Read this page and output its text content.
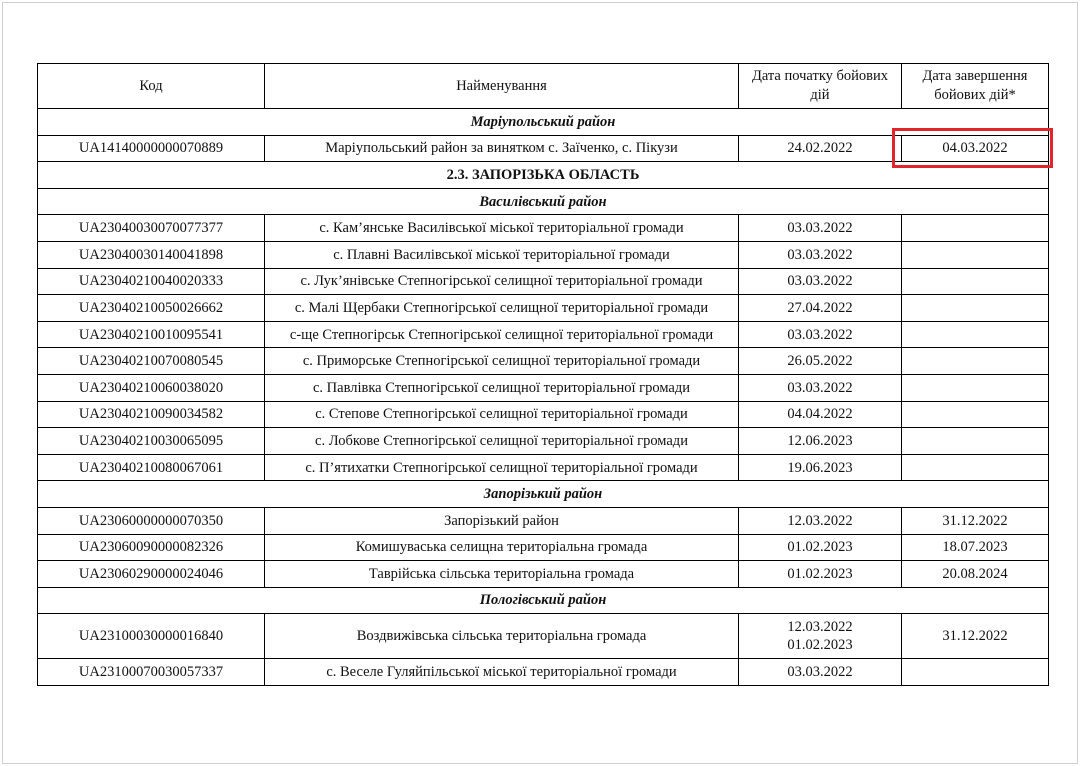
Код	Найменування	Дата початку бойових дій	Дата завершення бойових дій*
Маріупольський район
UA14140000000070889	Маріупольський район за винятком с. Заїченко, с. Пікузи	24.02.2022	04.03.2022
2.3. ЗАПОРІЗЬКА ОБЛАСТЬ
Василівський район
UA23040030070077377	с. Кам’янське Василівської міської територіальної громади	03.03.2022	
UA23040030140041898	с. Плавні Василівської міської територіальної громади	03.03.2022	
UA23040210040020333	с. Лук’янівське Степногірської селищної територіальної громади	03.03.2022	
UA23040210050026662	с. Малі Щербаки Степногірської селищної територіальної громади	27.04.2022	
UA23040210010095541	с-ще Степногірськ Степногірської селищної територіальної громади	03.03.2022	
UA23040210070080545	с. Приморське Степногірської селищної територіальної громади	26.05.2022	
UA23040210060038020	с. Павлівка Степногірської селищної територіальної громади	03.03.2022	
UA23040210090034582	с. Степове Степногірської селищної територіальної громади	04.04.2022	
UA23040210030065095	с. Лобкове Степногірської селищної територіальної громади	12.06.2023	
UA23040210080067061	с. П’ятихатки Степногірської селищної територіальної громади	19.06.2023	
Запорізький район
UA23060000000070350	Запорізький район	12.03.2022	31.12.2022
UA23060090000082326	Комишуваська селищна територіальна громада	01.02.2023	18.07.2023
UA23060290000024046	Таврійська сільська територіальна громада	01.02.2023	20.08.2024
Пологівський район
UA23100030000016840	Воздвижівська сільська територіальна громада	
12.03.2022
01.02.2023
	31.12.2022
UA23100070030057337	с. Веселе Гуляйпільської міської територіальної громади	03.03.2022	
